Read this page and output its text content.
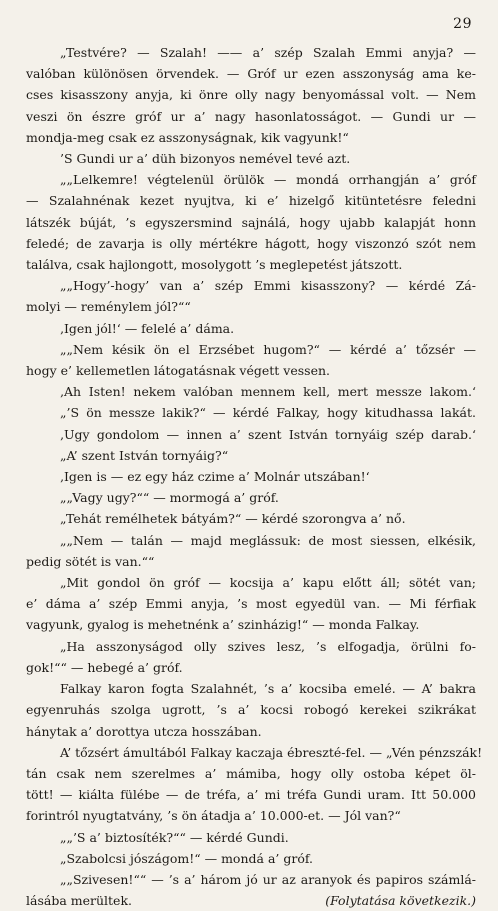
29
„Testvére? — Szalah! —— a’ szép Szalah Emmi anyja? —
valóban különösen örvendek. — Gróf ur ezen asszonyság ama ke-
cses kisasszony anyja, ki önre olly nagy benyomással volt. — Nem
veszi ön észre gróf ur a’ nagy hasonlatosságot. — Gundi ur —
mondja-meg csak ez asszonyságnak, kik vagyunk!“
’S Gundi ur a’ düh bizonyos nemével tevé azt.
„„Lelkemre! végtelenül örülök — mondá orrhangján a’ gróf
— Szalahnénak kezet nyujtva, ki e’ hizelgő kitüntetésre feledni
látszék búját, ’s egyszersmind sajnálá, hogy ujabb kalapját honn
feledé; de zavarja is olly mértékre hágott, hogy viszonzó szót nem
találva, csak hajlongott, mosolygott ’s meglepetést játszott.
„„Hogy’-hogy’ van a’ szép Emmi kisasszony? — kérdé Zá-
molyi — reménylem jól?““
‚Igen jól!‘ — felelé a’ dáma.
„„Nem késik ön el Erzsébet hugom?“ — kérdé a’ tőzsér —
hogy e’ kellemetlen látogatásnak végett vessen.
‚Ah Isten! nekem valóban mennem kell, mert messze lakom.‘
„’S ön messze lakik?“ — kérdé Falkay, hogy kitudhassa lakát.
‚Ugy gondolom — innen a’ szent István tornyáig szép darab.‘
„A’ szent István tornyáig?“
‚Igen is — ez egy ház czime a’ Molnár utszában!‘
„„Vagy ugy?““ — mormogá a’ gróf.
„Tehát remélhetek bátyám?“ — kérdé szorongva a’ nő.
„„Nem — talán — majd meglássuk: de most siessen, elkésik,
pedig sötét is van.““
„Mit gondol ön gróf — kocsija a’ kapu előtt áll; sötét van;
e’ dáma a’ szép Emmi anyja, ’s most egyedül van. — Mi férfiak
vagyunk, gyalog is mehetnénk a’ szinházig!“ — monda Falkay.
„Ha asszonyságod olly szives lesz, ’s elfogadja, örülni fo-
gok!““ — hebegé a’ gróf.
Falkay karon fogta Szalahnét, ’s a’ kocsiba emelé. — A’ bakra
egyenruhás szolga ugrott, ’s a’ kocsi robogó kerekei szikrákat
hánytak a’ dorottya utcza hosszában.
A’ tőzsért ámultából Falkay kaczaja ébreszté-fel. — „Vén pénzszák!
tán csak nem szerelmes a’ mámiba, hogy olly ostoba képet öl-
tött! — kiálta fülébe — de tréfa, a’ mi tréfa Gundi uram. Itt 50.000
forintról nyugtatvány, ’s ön átadja a’ 10.000-et. — Jól van?“
„„’S a’ biztosíték?““ — kérdé Gundi.
„Szabolcsi jószágom!“ — mondá a’ gróf.
„„Szivesen!““ — ’s a’ három jó ur az aranyok és papiros számlá-
lásába merültek.	(Folytatása következik.)
